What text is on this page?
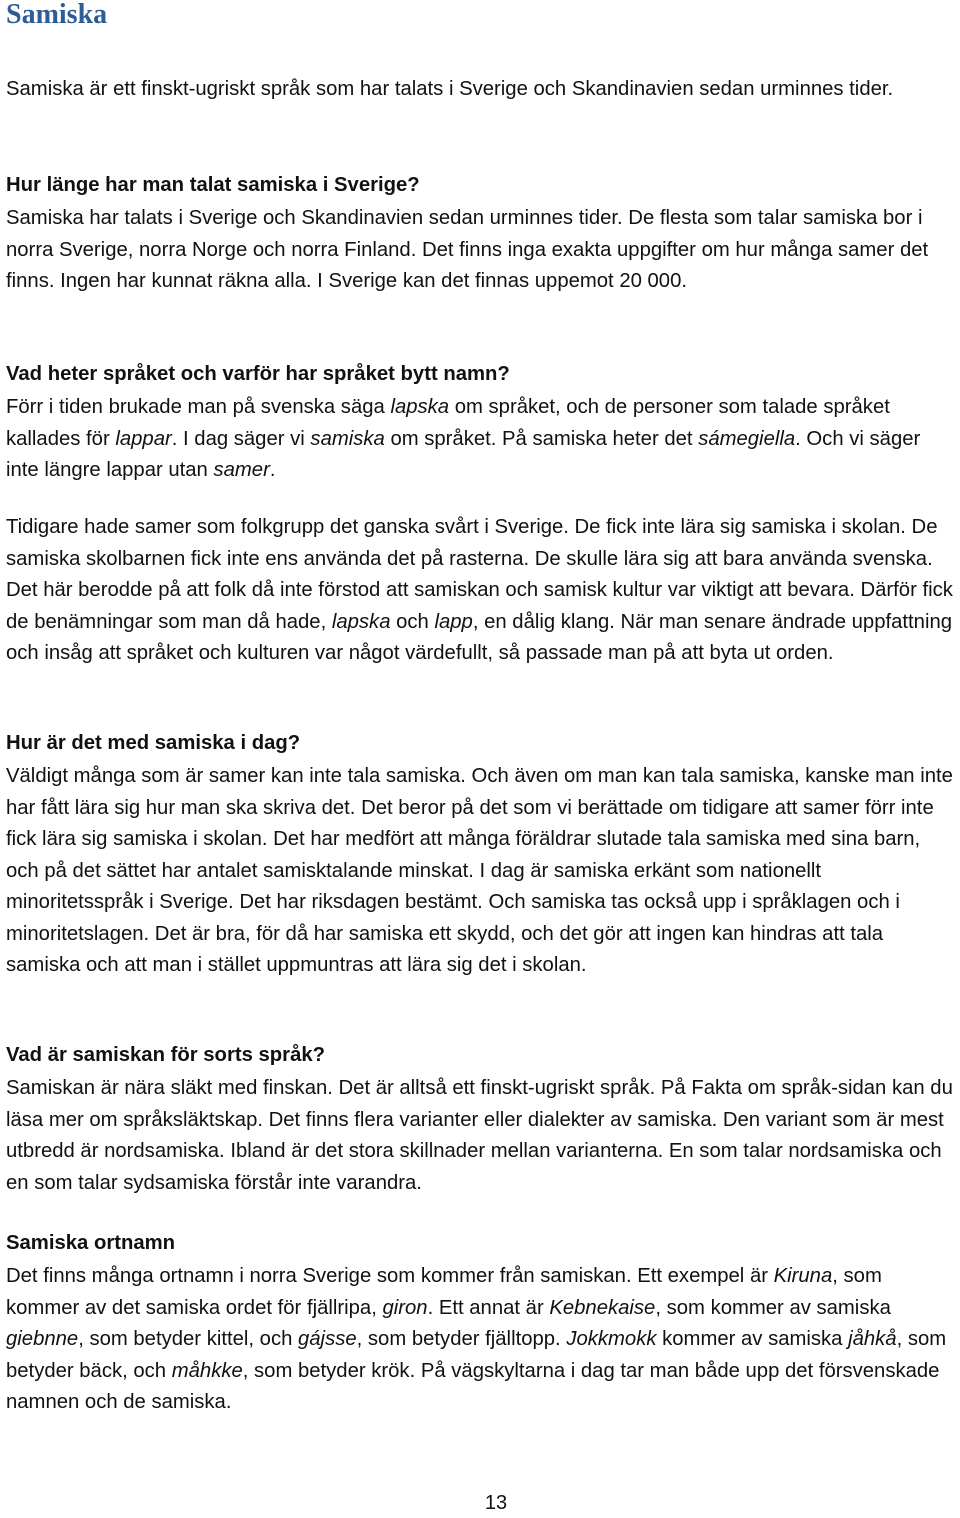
Samiska

Samiska är ett finskt-ugriskt språk som har talats i Sverige och Skandinavien sedan urminnes tider.

Hur länge har man talat samiska i Sverige?

Samiska har talats i Sverige och Skandinavien sedan urminnes tider. De flesta som talar samiska bor i norra Sverige, norra Norge och norra Finland. Det finns inga exakta uppgifter om hur många samer det finns. Ingen har kunnat räkna alla. I Sverige kan det finnas uppemot 20 000.

Vad heter språket och varför har språket bytt namn?

Förr i tiden brukade man på svenska säga lapska om språket, och de personer som talade språket kallades för lappar. I dag säger vi samiska om språket. På samiska heter det sámegiella. Och vi säger inte längre lappar utan samer.

Tidigare hade samer som folkgrupp det ganska svårt i Sverige. De fick inte lära sig samiska i skolan. De samiska skolbarnen fick inte ens använda det på rasterna. De skulle lära sig att bara använda svenska. Det här berodde på att folk då inte förstod att samiskan och samisk kultur var viktigt att bevara. Därför fick de benämningar som man då hade, lapska och lapp, en dålig klang. När man senare ändrade uppfattning och insåg att språket och kulturen var något värdefullt, så passade man på att byta ut orden.

Hur är det med samiska i dag?

Väldigt många som är samer kan inte tala samiska. Och även om man kan tala samiska, kanske man inte har fått lära sig hur man ska skriva det. Det beror på det som vi berättade om tidigare att samer förr inte fick lära sig samiska i skolan. Det har medfört att många föräldrar slutade tala samiska med sina barn, och på det sättet har antalet samisktalande minskat. I dag är samiska erkänt som nationellt minoritetsspråk i Sverige. Det har riksdagen bestämt. Och samiska tas också upp i språklagen och i minoritetslagen. Det är bra, för då har samiska ett skydd, och det gör att ingen kan hindras att tala samiska och att man i stället uppmuntras att lära sig det i skolan.

Vad är samiskan för sorts språk?

Samiskan är nära släkt med finskan. Det är alltså ett finskt-ugriskt språk. På Fakta om språk-sidan kan du läsa mer om språksläktskap. Det finns flera varianter eller dialekter av samiska. Den variant som är mest utbredd är nordsamiska. Ibland är det stora skillnader mellan varianterna. En som talar nordsamiska och en som talar sydsamiska förstår inte varandra.

Samiska ortnamn

Det finns många ortnamn i norra Sverige som kommer från samiskan. Ett exempel är Kiruna, som kommer av det samiska ordet för fjällripa, giron. Ett annat är Kebnekaise, som kommer av samiska giebnne, som betyder kittel, och gájsse, som betyder fjälltopp. Jokkmokk kommer av samiska jåhkå, som betyder bäck, och måhkke, som betyder krök. På vägskyltarna i dag tar man både upp det försvenskade namnen och de samiska.

13
